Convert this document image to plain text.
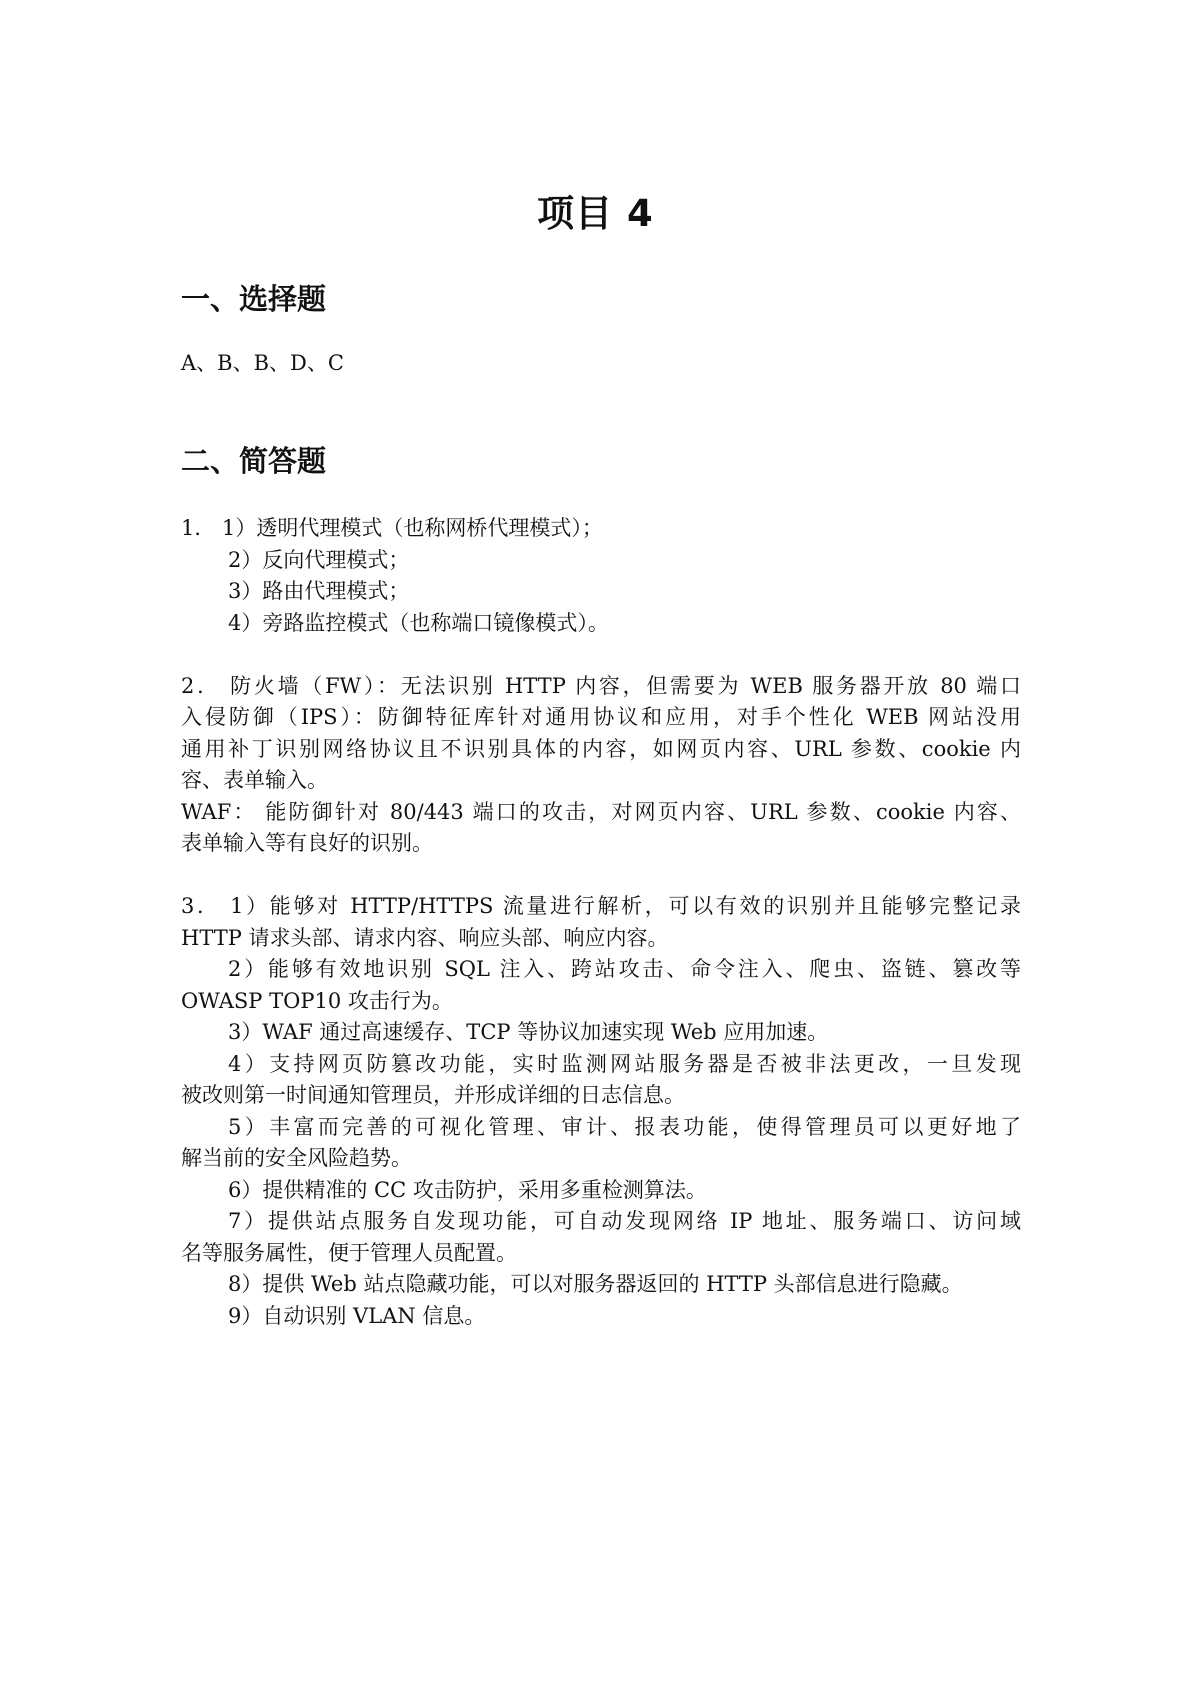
项目 4
一、选择题
A、B、B、D、C
二、简答题
1． 1）透明代理模式（也称网桥代理模式）；
2）反向代理模式；
3）路由代理模式；
4）旁路监控模式（也称端口镜像模式）。
2． 防火墙（FW）：无法识别 HTTP 内容，但需要为 WEB 服务器开放 80 端口
入侵防御（IPS）：防御特征库针对通用协议和应用，对手个性化 WEB 网站没用
通用补丁识别网络协议且不识别具体的内容，如网页内容、URL 参数、cookie 内
容、表单输入。
WAF： 能防御针对 80/443 端口的攻击，对网页内容、URL 参数、cookie 内容、
表单输入等有良好的识别。
3． 1）能够对 HTTP/HTTPS 流量进行解析，可以有效的识别并且能够完整记录
HTTP 请求头部、请求内容、响应头部、响应内容。
2）能够有效地识别 SQL 注入、跨站攻击、命令注入、爬虫、盗链、篡改等
OWASP TOP10 攻击行为。
3）WAF 通过高速缓存、TCP 等协议加速实现 Web 应用加速。
4）支持网页防篡改功能，实时监测网站服务器是否被非法更改，一旦发现
被改则第一时间通知管理员，并形成详细的日志信息。
5）丰富而完善的可视化管理、审计、报表功能，使得管理员可以更好地了
解当前的安全风险趋势。
6）提供精准的 CC 攻击防护，采用多重检测算法。
7）提供站点服务自发现功能，可自动发现网络 IP 地址、服务端口、访问域
名等服务属性，便于管理人员配置。
8）提供 Web 站点隐藏功能，可以对服务器返回的 HTTP 头部信息进行隐藏。
9）自动识别 VLAN 信息。
